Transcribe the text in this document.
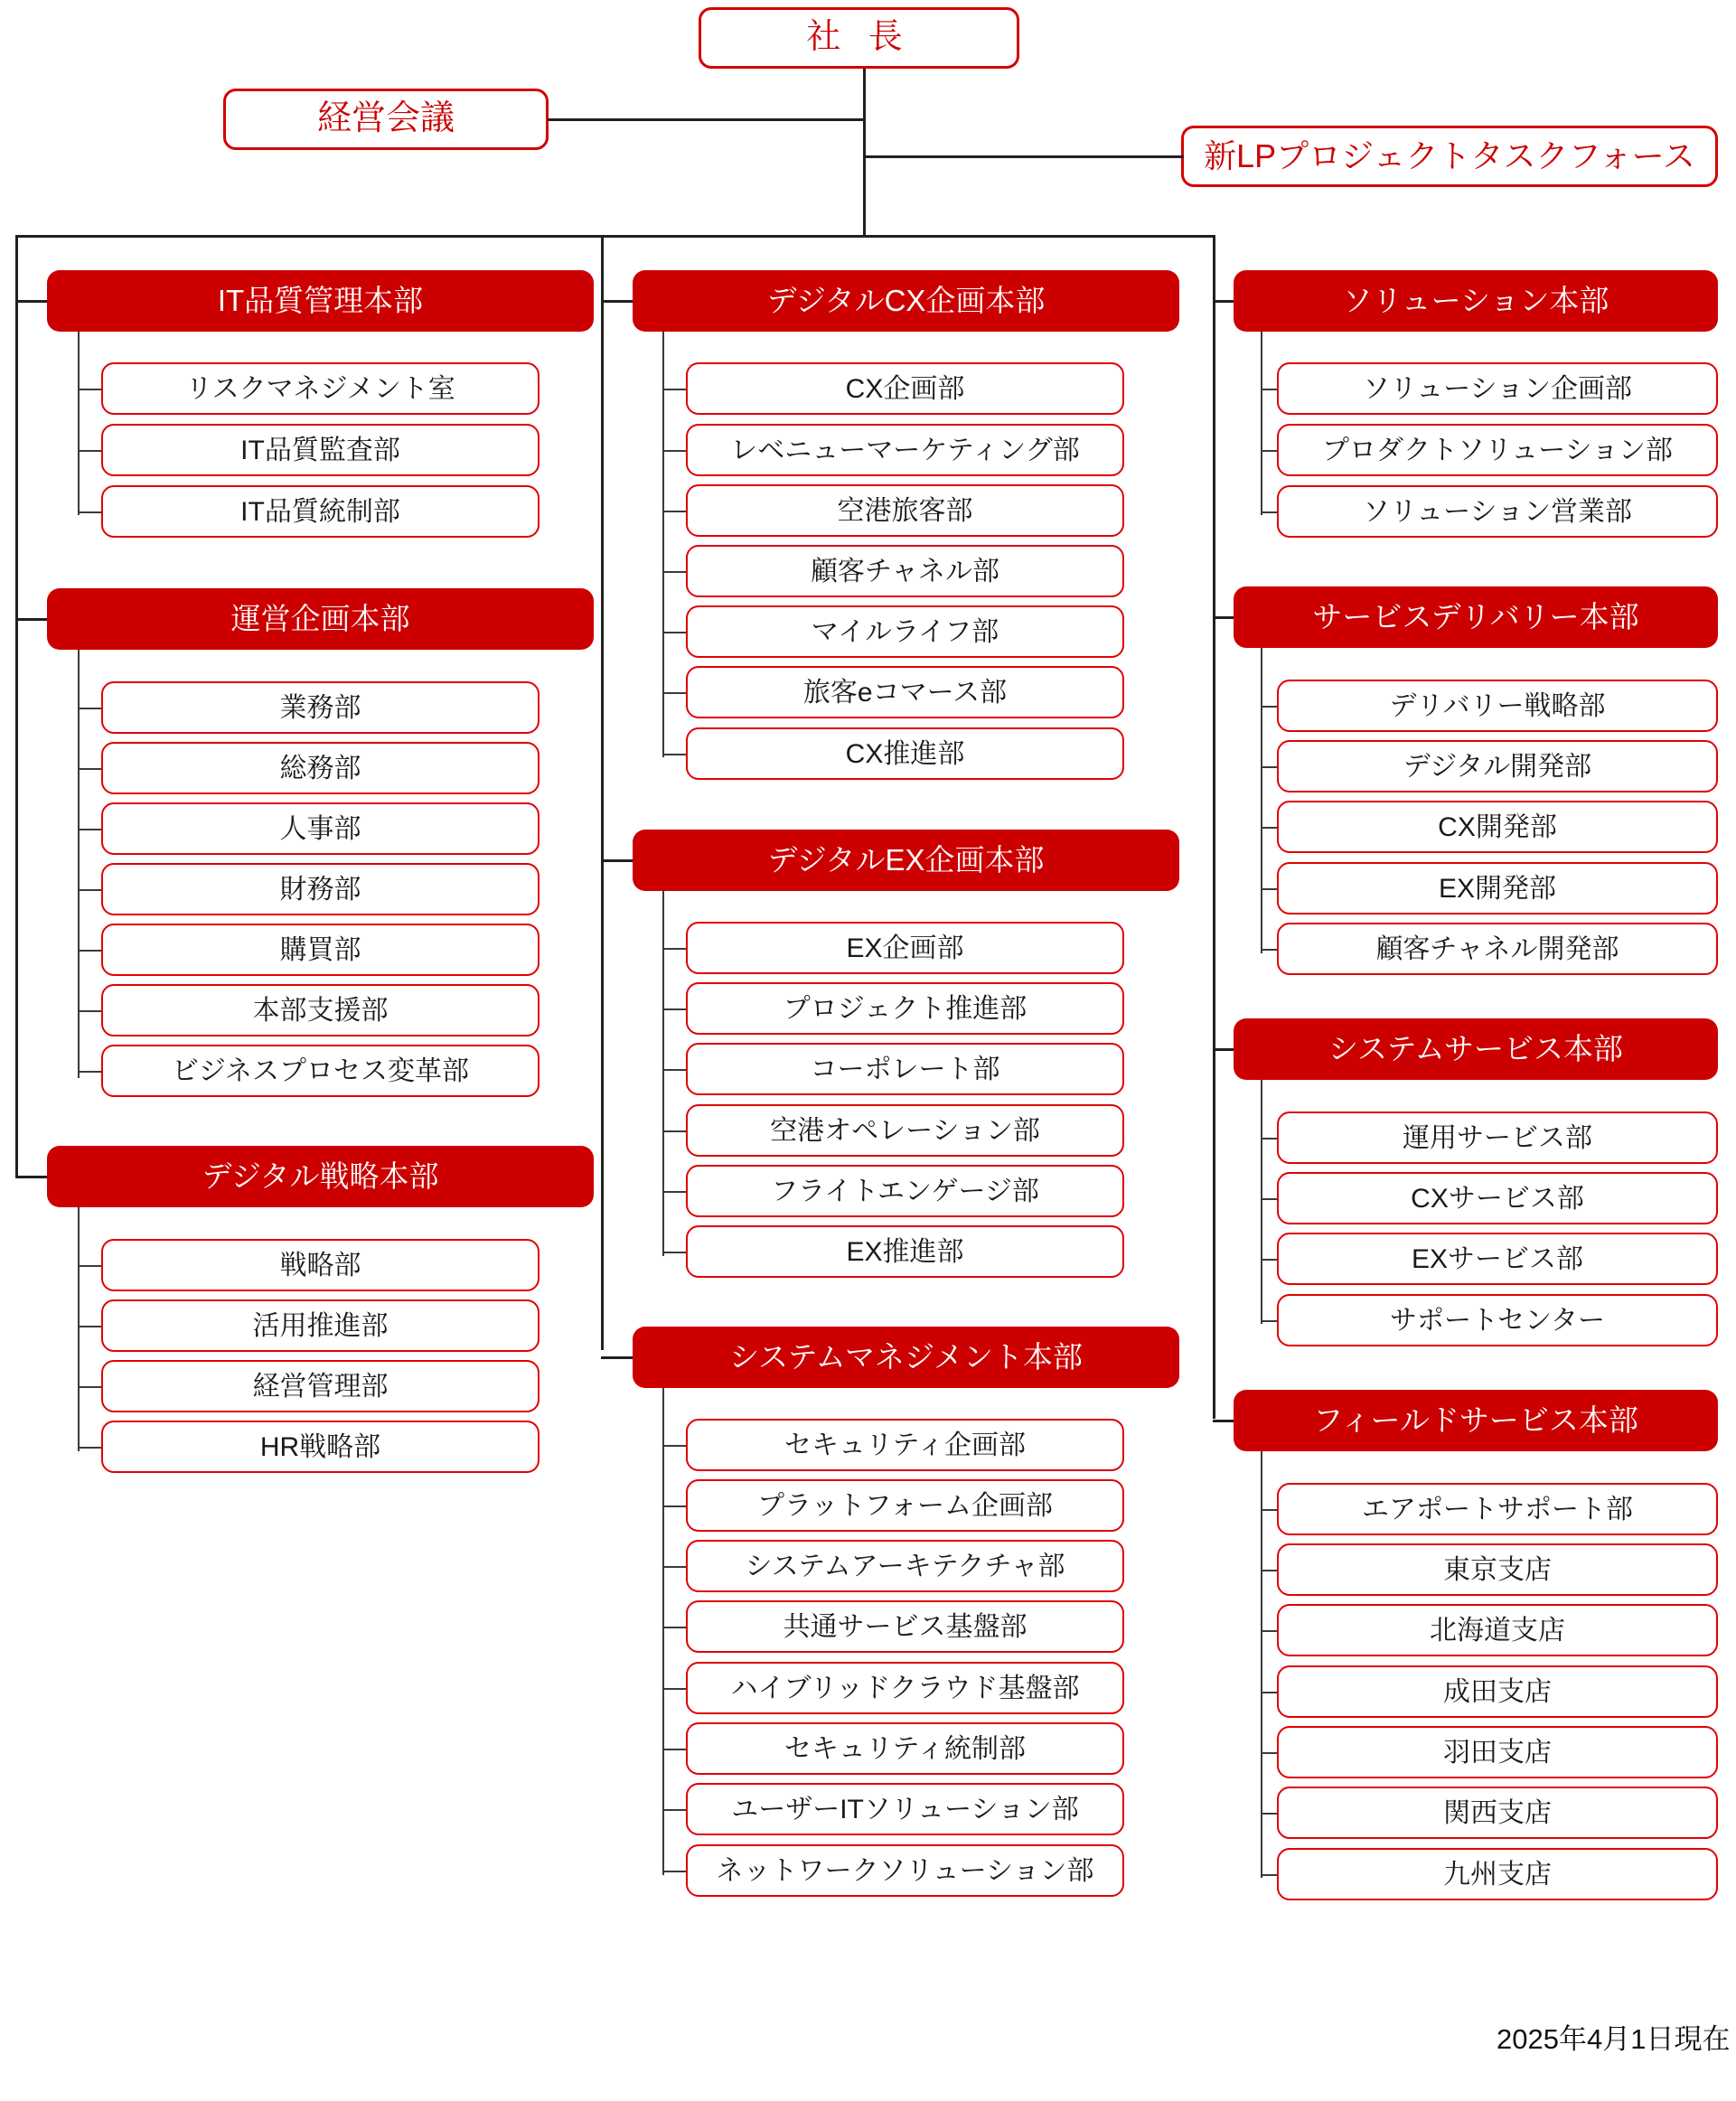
社 長
経営会議
新LPプロジェクトタスクフォース
IT品質管理本部
リスクマネジメント室
IT品質監査部
IT品質統制部
運営企画本部
業務部
総務部
人事部
財務部
購買部
本部支援部
ビジネスプロセス変革部
デジタル戦略本部
戦略部
活用推進部
経営管理部
HR戦略部
デジタルCX企画本部
CX企画部
レベニューマーケティング部
空港旅客部
顧客チャネル部
マイルライフ部
旅客eコマース部
CX推進部
デジタルEX企画本部
EX企画部
プロジェクト推進部
コーポレート部
空港オペレーション部
フライトエンゲージ部
EX推進部
システムマネジメント本部
セキュリティ企画部
プラットフォーム企画部
システムアーキテクチャ部
共通サービス基盤部
ハイブリッドクラウド基盤部
セキュリティ統制部
ユーザーITソリューション部
ネットワークソリューション部
ソリューション本部
ソリューション企画部
プロダクトソリューション部
ソリューション営業部
サービスデリバリー本部
デリバリー戦略部
デジタル開発部
CX開発部
EX開発部
顧客チャネル開発部
システムサービス本部
運用サービス部
CXサービス部
EXサービス部
サポートセンター
フィールドサービス本部
エアポートサポート部
東京支店
北海道支店
成田支店
羽田支店
関西支店
九州支店
2025年4月1日現在
